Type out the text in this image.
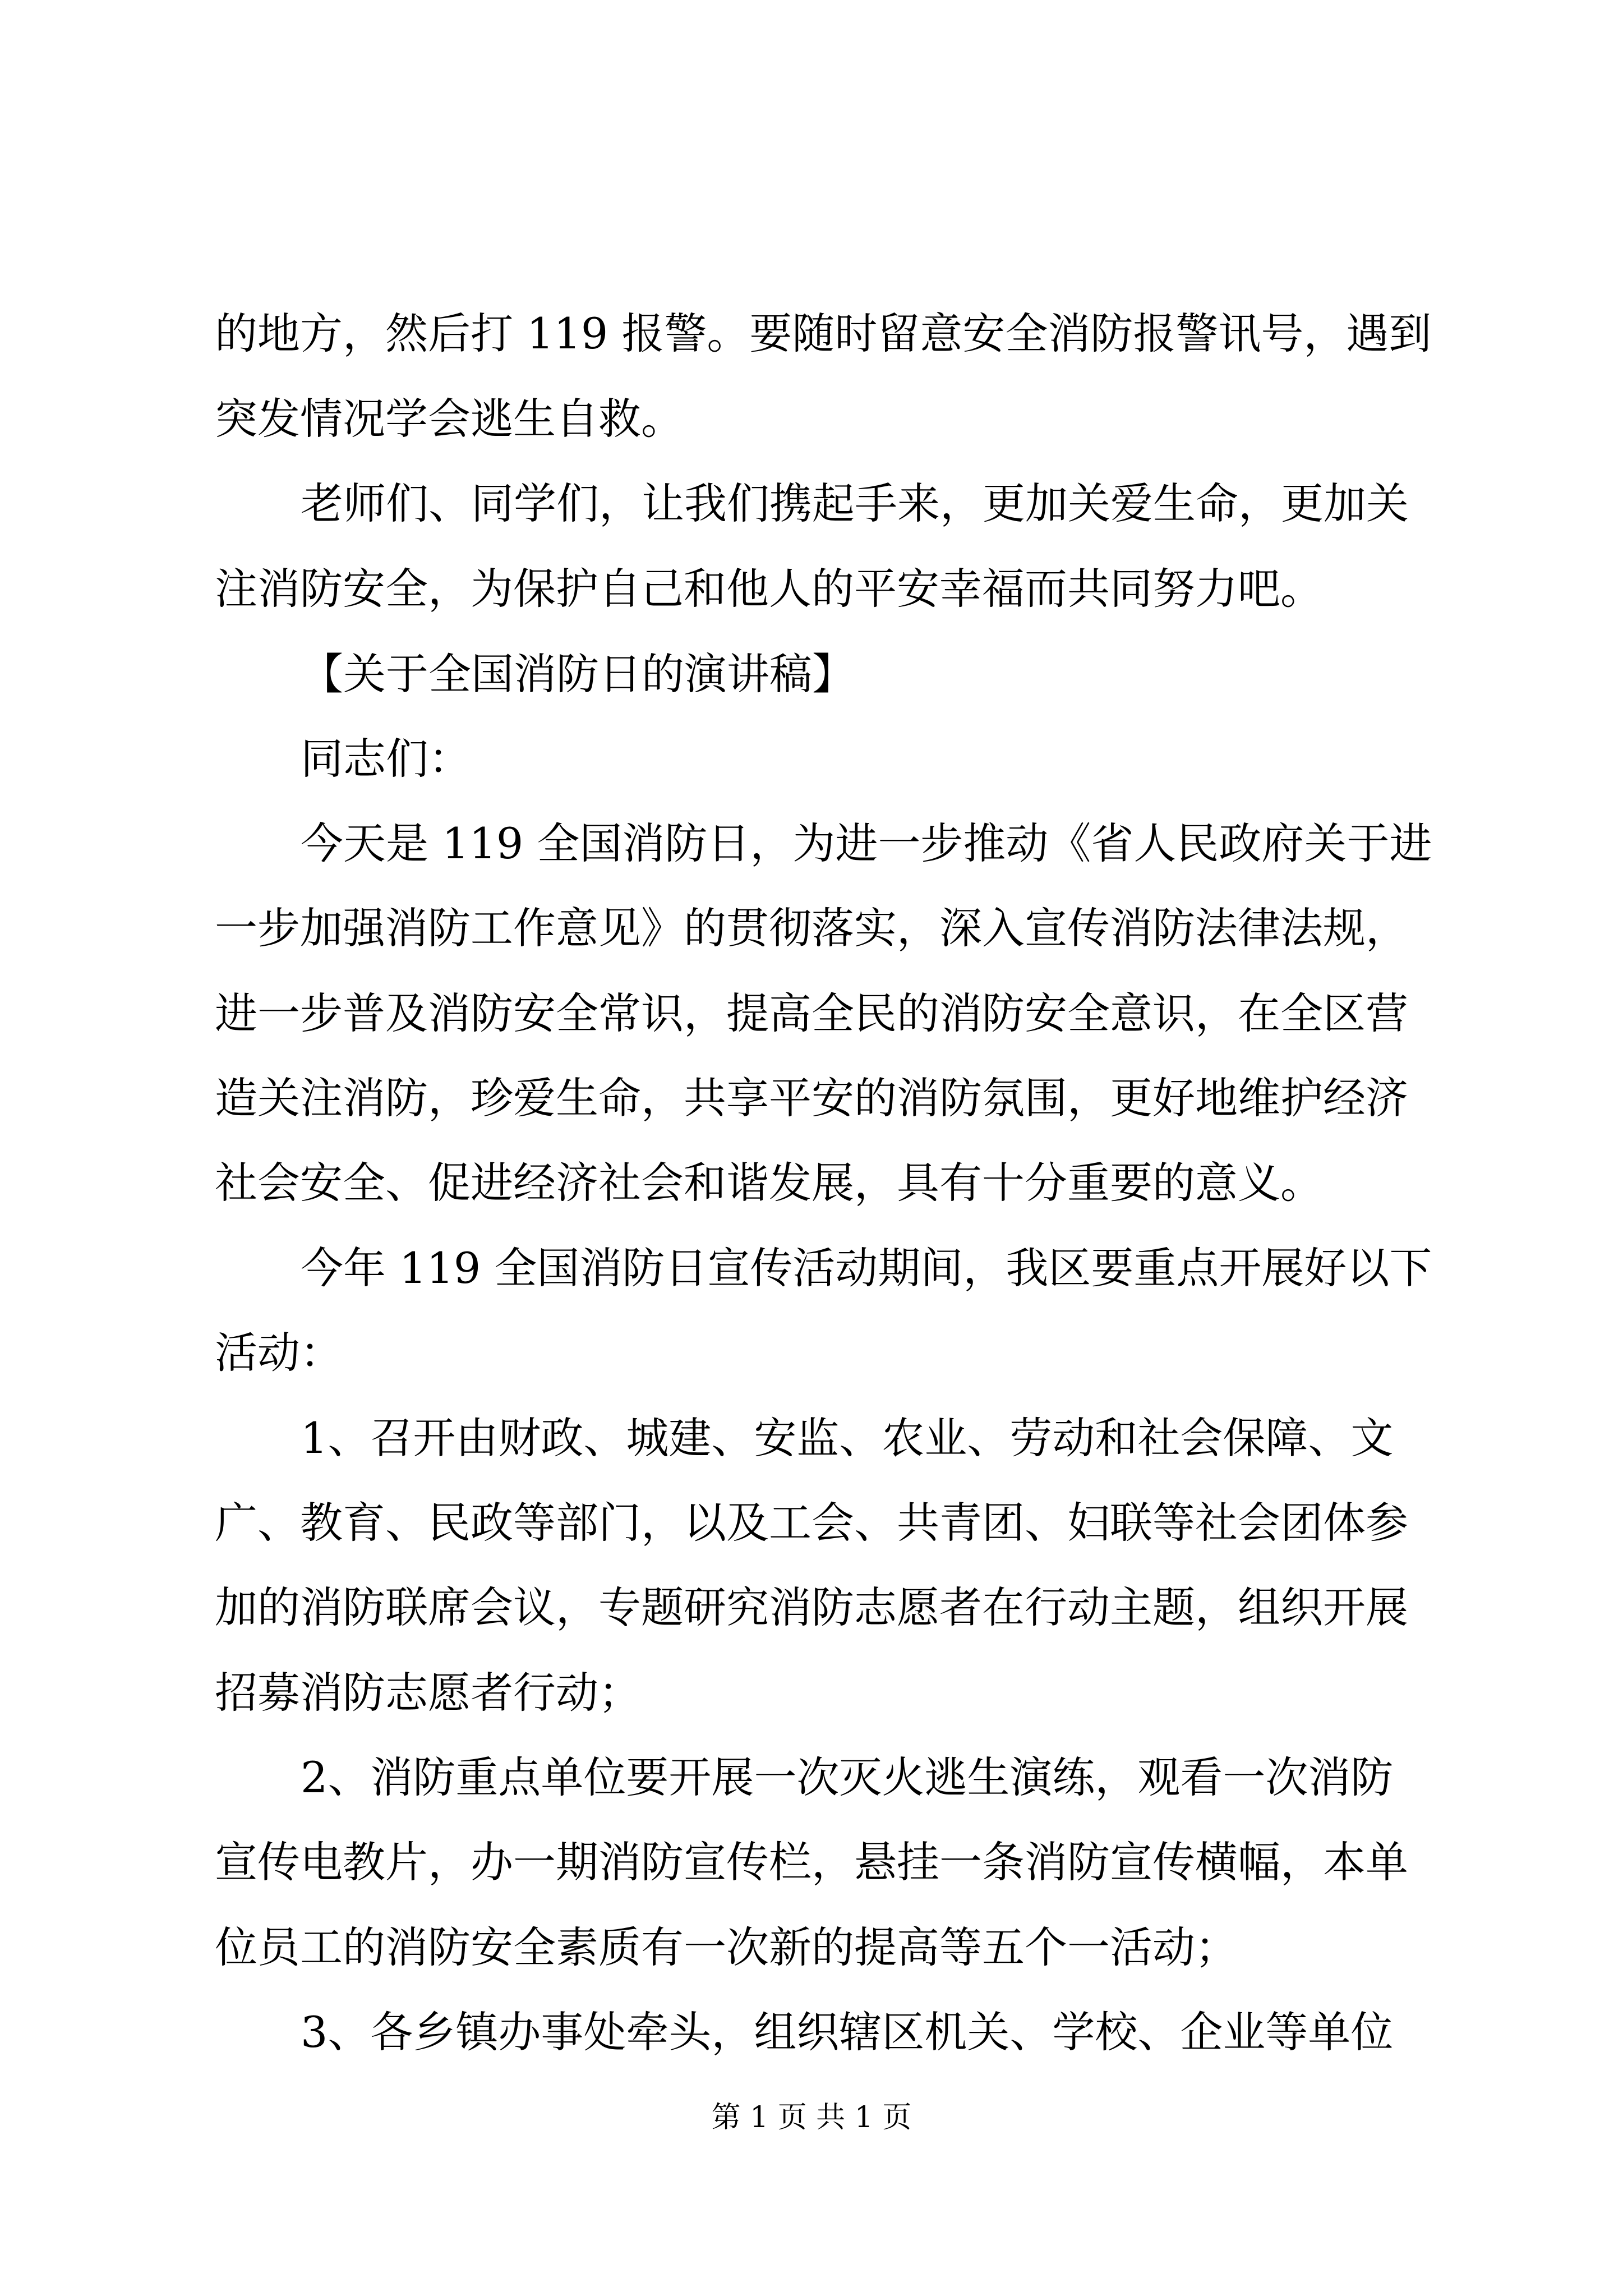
的地方，然后打 119 报警。要随时留意安全消防报警讯号，遇到
突发情况学会逃生自救。
老师们、同学们，让我们携起手来，更加关爱生命，更加关
注消防安全，为保护自己和他人的平安幸福而共同努力吧。
【关于全国消防日的演讲稿】
同志们：
今天是 119 全国消防日，为进一步推动《省人民政府关于进
一步加强消防工作意见》的贯彻落实，深入宣传消防法律法规，
进一步普及消防安全常识，提高全民的消防安全意识，在全区营
造关注消防，珍爱生命，共享平安的消防氛围，更好地维护经济
社会安全、促进经济社会和谐发展，具有十分重要的意义。
今年 119 全国消防日宣传活动期间，我区要重点开展好以下
活动：
1、召开由财政、城建、安监、农业、劳动和社会保障、文
广、教育、民政等部门，以及工会、共青团、妇联等社会团体参
加的消防联席会议，专题研究消防志愿者在行动主题，组织开展
招募消防志愿者行动；
2、消防重点单位要开展一次灭火逃生演练，观看一次消防
宣传电教片，办一期消防宣传栏，悬挂一条消防宣传横幅，本单
位员工的消防安全素质有一次新的提高等五个一活动；
3、各乡镇办事处牵头，组织辖区机关、学校、企业等单位
第 1 页 共 1 页
